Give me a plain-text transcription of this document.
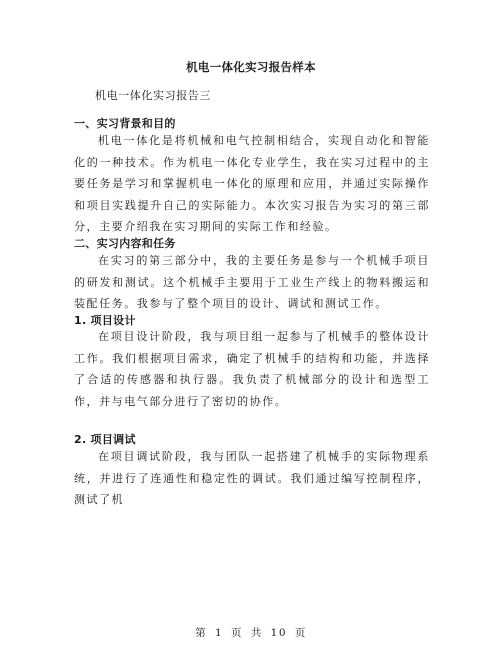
机电一体化实习报告样本
机电一体化实习报告三
一、实习背景和目的
机电一体化是将机械和电气控制相结合，实现自动化和智能化的一种技术。作为机电一体化专业学生，我在实习过程中的主要任务是学习和掌握机电一体化的原理和应用，并通过实际操作和项目实践提升自己的实际能力。本次实习报告为实习的第三部分，主要介绍我在实习期间的实际工作和经验。
二、实习内容和任务
在实习的第三部分中，我的主要任务是参与一个机械手项目的研发和测试。这个机械手主要用于工业生产线上的物料搬运和装配任务。我参与了整个项目的设计、调试和测试工作。
1. 项目设计
在项目设计阶段，我与项目组一起参与了机械手的整体设计工作。我们根据项目需求，确定了机械手的结构和功能，并选择了合适的传感器和执行器。我负责了机械部分的设计和选型工作，并与电气部分进行了密切的协作。
2. 项目调试
在项目调试阶段，我与团队一起搭建了机械手的实际物理系统，并进行了连通性和稳定性的调试。我们通过编写控制程序，测试了机
第 1 页 共 10 页
